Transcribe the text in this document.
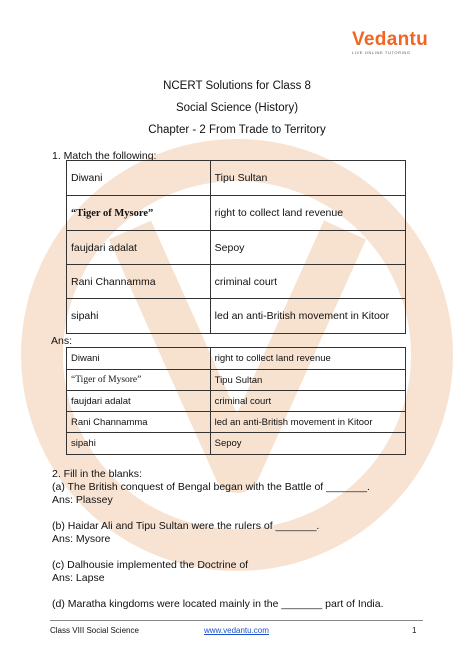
Vedantu
LIVE ONLINE TUTORING
NCERT Solutions for Class 8
Social Science (History)
Chapter - 2 From Trade to Territory
1. Match the following:
Diwani	Tipu Sultan
“Tiger of Mysore”	right to collect land revenue
faujdari adalat	Sepoy
Rani Channamma	criminal court
sipahi	led an anti-British movement in Kitoor
Ans:
Diwani	right to collect land revenue
“Tiger of Mysore”	Tipu Sultan
faujdari adalat	criminal court
Rani Channamma	led an anti-British movement in Kitoor
sipahi	Sepoy
2. Fill in the blanks:
(a) The British conquest of Bengal began with the Battle of _______.
Ans: Plassey
(b) Haidar Ali and Tipu Sultan were the rulers of _______.
Ans: Mysore
(c) Dalhousie implemented the Doctrine of
Ans: Lapse
(d) Maratha kingdoms were located mainly in the _______ part of India.
Class VIII Social Science	www.vedantu.com	1
